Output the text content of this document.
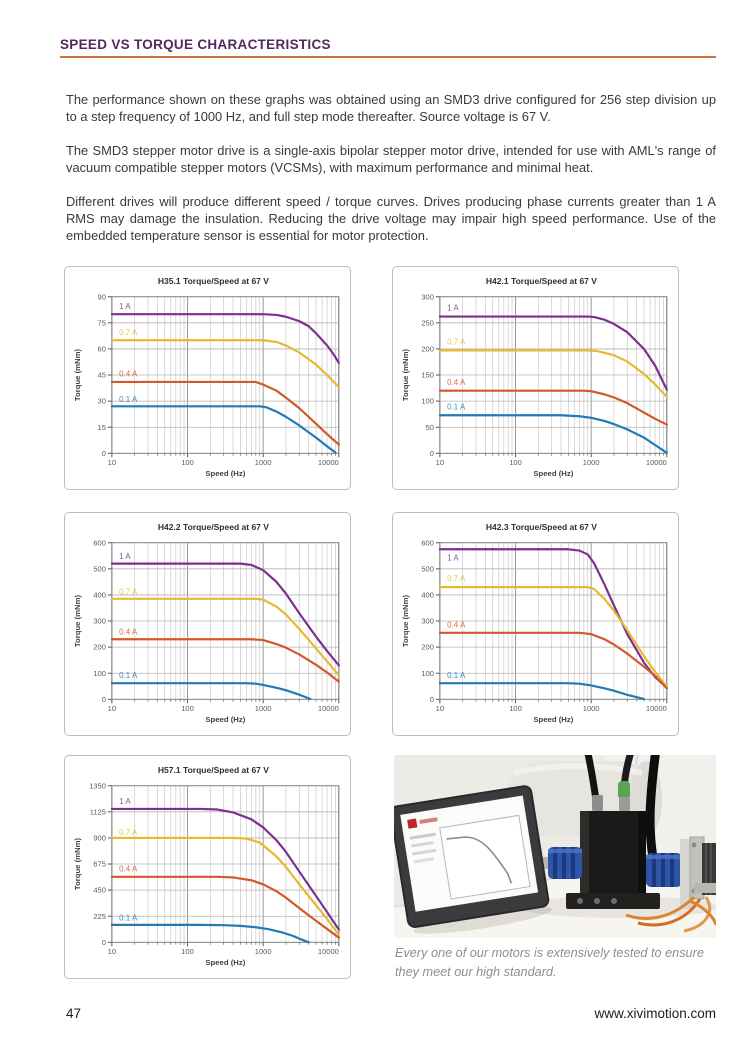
SPEED VS TORQUE CHARACTERISTICS

The performance shown on these graphs was obtained using an SMD3 drive configured for 256 step division up to a step frequency of 1000 Hz, and full step mode thereafter. Source voltage is 67 V.

The SMD3 stepper motor drive is a single-axis bipolar stepper motor drive, intended for use with AML's range of vacuum compatible stepper motors (VCSMs), with maximum performance and minimal heat.

Different drives will produce different speed / torque curves. Drives producing phase currents greater than 1 A RMS may damage the insulation. Reducing the drive voltage may impair high speed performance. Use of the embedded temperature sensor is essential for motor protection.

H35.1 Torque/Speed at 67 V
10	100	1000	10000
0
15
30
45
60
75
90
1 A
0.7 A
0.4 A
0.1 A
Speed (Hz)
Torque (mNm)
H42.1 Torque/Speed at 67 V
10	100	1000	10000
0
50
100
150
200
250
300
1 A
0.7 A
0.4 A
0.1 A
Speed (Hz)
Torque (mNm)
H42.2 Torque/Speed at 67 V
10	100	1000	10000
0
100
200
300
400
500
600
1 A
0.7 A
0.4 A
0.1 A
Speed (Hz)
Torque (mNm)
H42.3 Torque/Speed at 67 V
10	100	1000	10000
0
100
200
300
400
500
600
1 A
0.7 A
0.4 A
0.1 A
Speed (Hz)
Torque (mNm)
H57.1 Torque/Speed at 67 V
10	100	1000	10000
0
225
450
675
900
1125
1350
1 A
0.7 A
0.4 A
0.1 A
Speed (Hz)
Torque (mNm)
Every one of our motors is extensively tested to ensure they meet our high standard.
47	www.xivimotion.com
